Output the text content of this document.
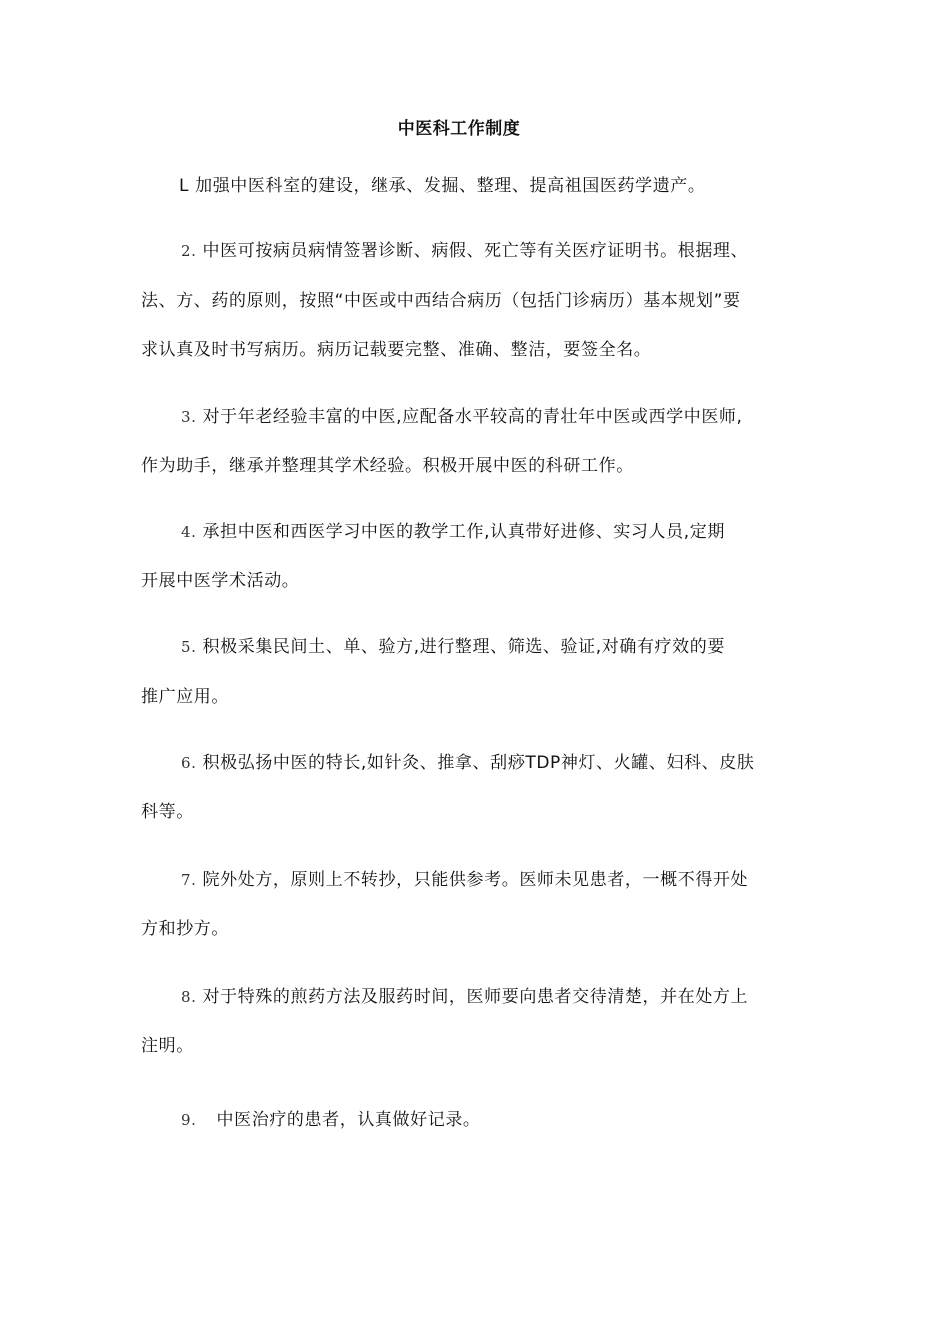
中医科工作制度
L 加强中医科室的建设，继承、发掘、整理、提高祖国医药学遗产。
2. 中医可按病员病情签署诊断、病假、死亡等有关医疗证明书。根据理、
法、方、药的原则，按照“中医或中西结合病历（包括门诊病历）基本规划”要
求认真及时书写病历。病历记载要完整、准确、整洁，要签全名。
3. 对于年老经验丰富的中医,应配备水平较高的青壮年中医或西学中医师,
作为助手，继承并整理其学术经验。积极开展中医的科研工作。
4. 承担中医和西医学习中医的教学工作,认真带好进修、实习人员,定期
开展中医学术活动。
5. 积极采集民间土、单、验方,进行整理、筛选、验证,对确有疗效的要
推广应用。
6. 积极弘扬中医的特长,如针灸、推拿、刮痧TDP神灯、火罐、妇科、皮肤
科等。
7. 院外处方，原则上不转抄，只能供参考。医师未见患者，一概不得开处
方和抄方。
8. 对于特殊的煎药方法及服药时间，医师要向患者交待清楚，并在处方上
注明。
9. 中医治疗的患者，认真做好记录。
